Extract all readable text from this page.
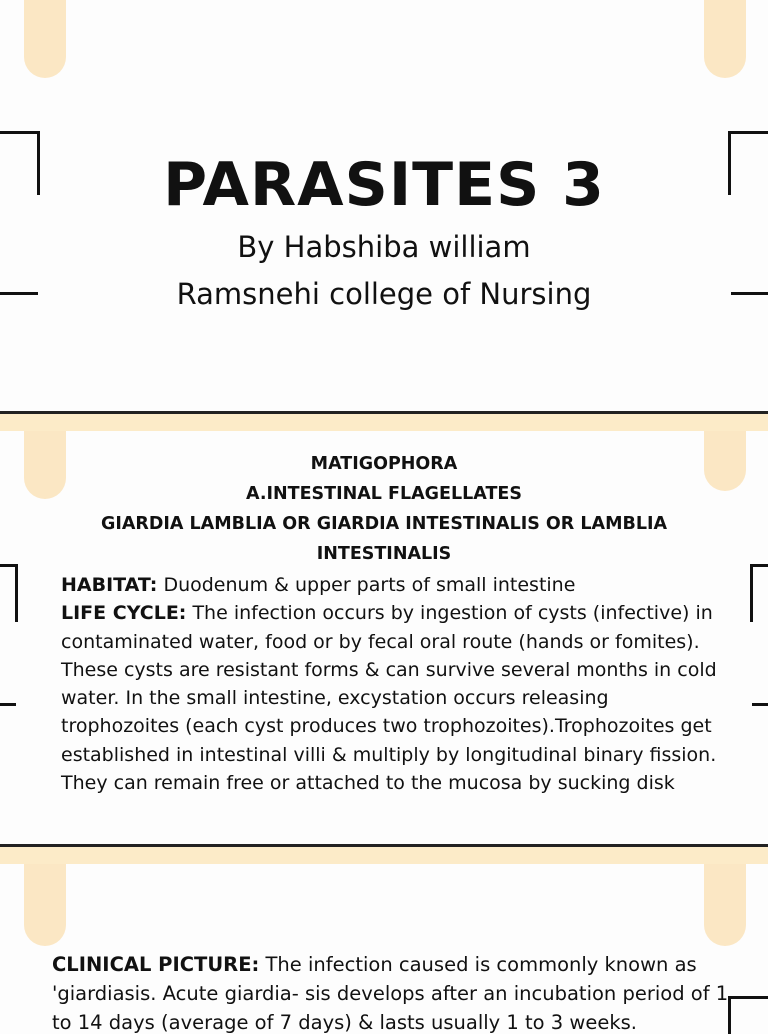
PARASITES 3

By Habshiba william

Ramsnehi college of Nursing

MATIGOPHORA
A.INTESTINAL FLAGELLATES
GIARDIA LAMBLIA OR GIARDIA INTESTINALIS OR LAMBLIA INTESTINALIS
HABITAT: Duodenum & upper parts of small intestine
LIFE CYCLE: The infection occurs by ingestion of cysts (infective) in contaminated water, food or by fecal oral route (hands or fomites). These cysts are resistant forms & can survive several months in cold water. In the small intestine, excystation occurs releasing trophozoites (each cyst produces two trophozoites).Trophozoites get established in intestinal villi & multiply by longitudinal binary fission. They can remain free or attached to the mucosa by sucking disk
CLINICAL PICTURE: The infection caused is commonly known as 'giardiasis. Acute giardia- sis develops after an incubation period of 1 to 14 days (average of 7 days) & lasts usually 1 to 3 weeks.
